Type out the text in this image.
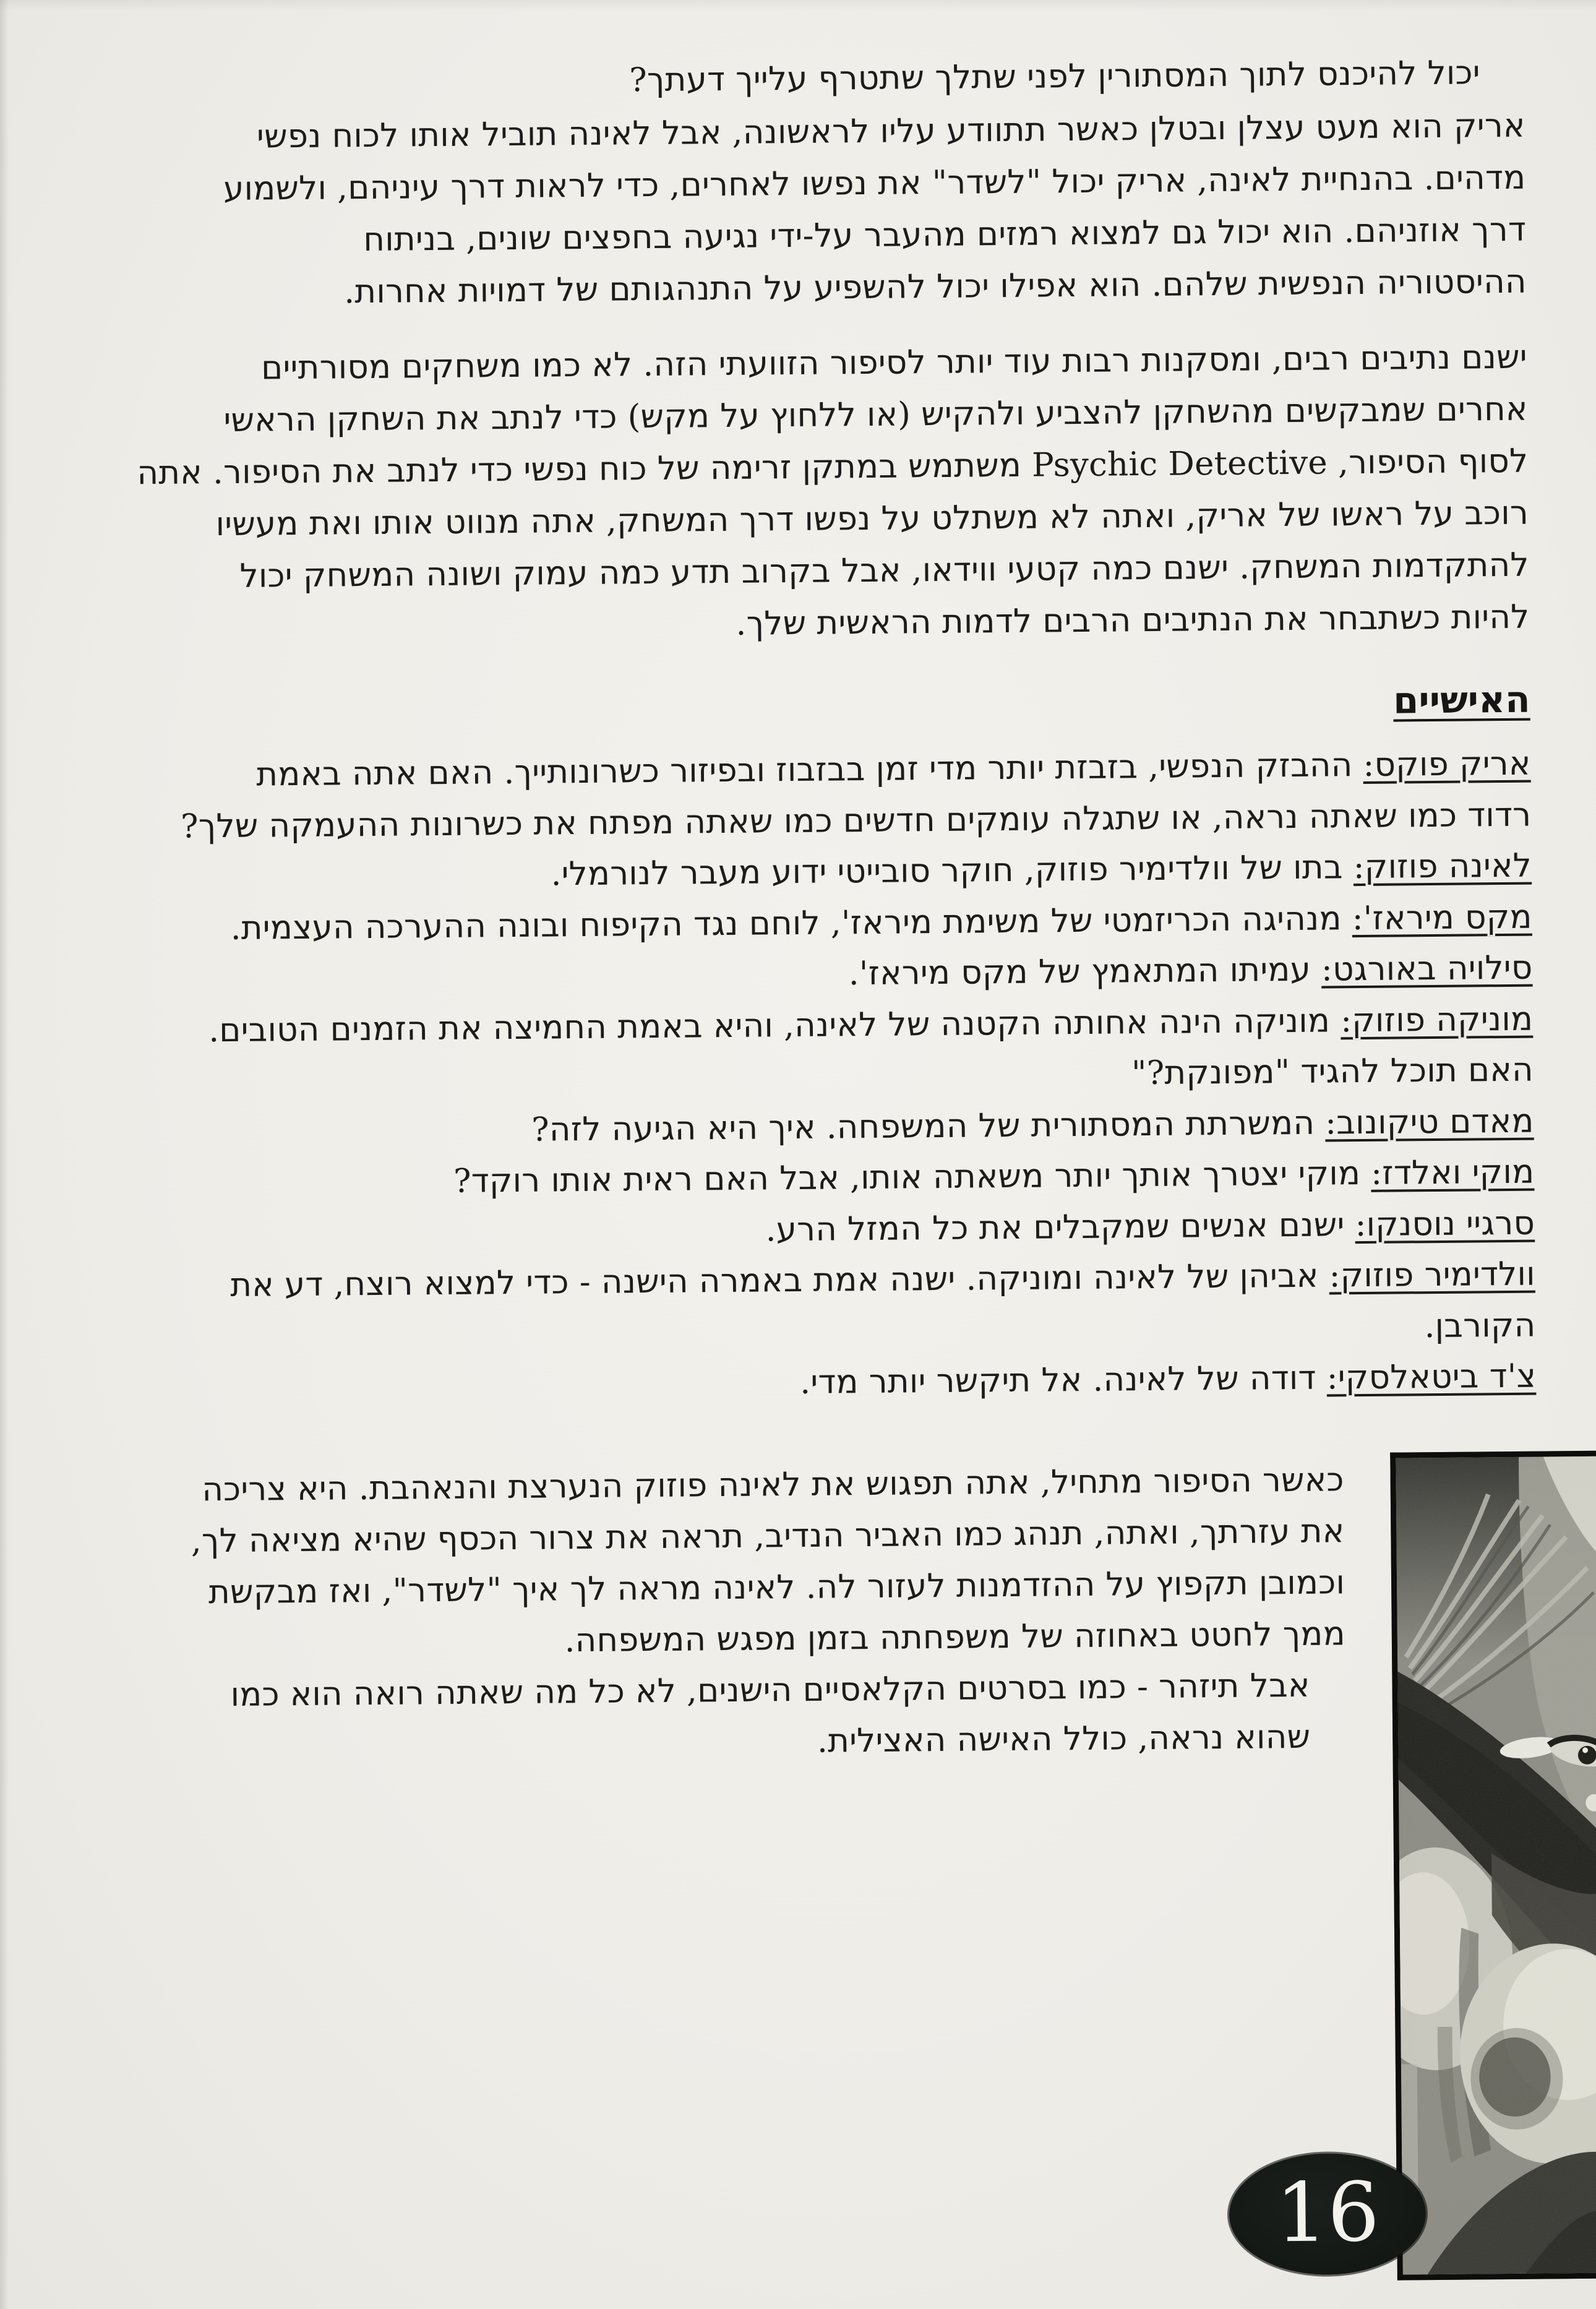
יכול להיכנס לתוך המסתורין לפני שתלך שתטרף עלייך דעתך?
אריק הוא מעט עצלן ובטלן כאשר תתוודע עליו לראשונה, אבל לאינה תוביל אותו לכוח נפשי
מדהים. בהנחיית לאינה, אריק יכול "לשדר" את נפשו לאחרים, כדי לראות דרך עיניהם, ולשמוע
דרך אוזניהם. הוא יכול גם למצוא רמזים מהעבר על-ידי נגיעה בחפצים שונים, בניתוח
ההיסטוריה הנפשית שלהם. הוא אפילו יכול להשפיע על התנהגותם של דמויות אחרות.
ישנם נתיבים רבים, ומסקנות רבות עוד יותר לסיפור הזוועתי הזה. לא כמו משחקים מסורתיים
אחרים שמבקשים מהשחקן להצביע ולהקיש (או ללחוץ על מקש) כדי לנתב את השחקן הראשי
לסוף הסיפור, Psychic Detective משתמש במתקן זרימה של כוח נפשי כדי לנתב את הסיפור. אתה
רוכב על ראשו של אריק, ואתה לא משתלט על נפשו דרך המשחק, אתה מנווט אותו ואת מעשיו
להתקדמות המשחק. ישנם כמה קטעי ווידאו, אבל בקרוב תדע כמה עמוק ושונה המשחק יכול
להיות כשתבחר את הנתיבים הרבים לדמות הראשית שלך.
האישיים
אריק פוקס: ההבזק הנפשי, בזבזת יותר מדי זמן בבזבוז ובפיזור כשרונותייך. האם אתה באמת
רדוד כמו שאתה נראה, או שתגלה עומקים חדשים כמו שאתה מפתח את כשרונות ההעמקה שלך?
לאינה פוזוק: בתו של וולדימיר פוזוק, חוקר סובייטי ידוע מעבר לנורמלי.
מקס מיראז': מנהיגה הכריזמטי של משימת מיראז', לוחם נגד הקיפוח ובונה ההערכה העצמית.
סילויה באורגט: עמיתו המתאמץ של מקס מיראז'.
מוניקה פוזוק: מוניקה הינה אחותה הקטנה של לאינה, והיא באמת החמיצה את הזמנים הטובים.
האם תוכל להגיד "מפונקת?"
מאדם טיקונוב: המשרתת המסתורית של המשפחה. איך היא הגיעה לזה?
מוקי ואלדז: מוקי יצטרך אותך יותר משאתה אותו, אבל האם ראית אותו רוקד?
סרגיי נוסנקו: ישנם אנשים שמקבלים את כל המזל הרע.
וולדימיר פוזוק: אביהן של לאינה ומוניקה. ישנה אמת באמרה הישנה - כדי למצוא רוצח, דע את
הקורבן.
צ'ד ביטאלסקי: דודה של לאינה. אל תיקשר יותר מדי.
כאשר הסיפור מתחיל, אתה תפגוש את לאינה פוזוק הנערצת והנאהבת. היא צריכה
את עזרתך, ואתה, תנהג כמו האביר הנדיב, תראה את צרור הכסף שהיא מציאה לך,
וכמובן תקפוץ על ההזדמנות לעזור לה. לאינה מראה לך איך "לשדר", ואז מבקשת
ממך לחטט באחוזה של משפחתה בזמן מפגש המשפחה.
אבל תיזהר - כמו בסרטים הקלאסיים הישנים, לא כל מה שאתה רואה הוא כמו
שהוא נראה, כולל האישה האצילית.
16
